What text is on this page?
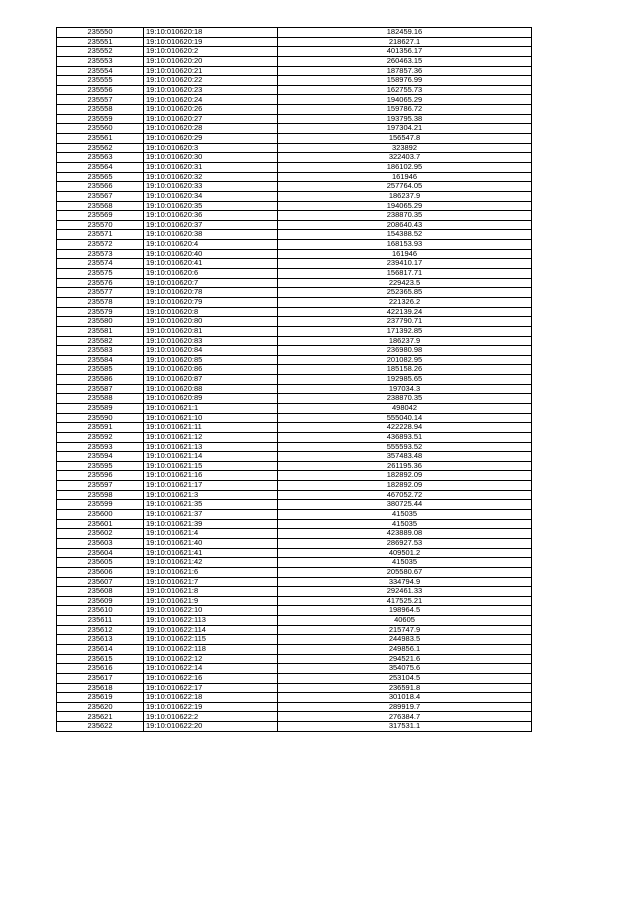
235550	19:10:010620:18	182459.16
235551	19:10:010620:19	218627.1
235552	19:10:010620:2	401356.17
235553	19:10:010620:20	260463.15
235554	19:10:010620:21	187857.36
235555	19:10:010620:22	158976.99
235556	19:10:010620:23	162755.73
235557	19:10:010620:24	194065.29
235558	19:10:010620:26	159786.72
235559	19:10:010620:27	193795.38
235560	19:10:010620:28	197304.21
235561	19:10:010620:29	156547.8
235562	19:10:010620:3	323892
235563	19:10:010620:30	322403.7
235564	19:10:010620:31	186102.95
235565	19:10:010620:32	161946
235566	19:10:010620:33	257764.05
235567	19:10:010620:34	186237.9
235568	19:10:010620:35	194065.29
235569	19:10:010620:36	238870.35
235570	19:10:010620:37	208640.43
235571	19:10:010620:38	154388.52
235572	19:10:010620:4	168153.93
235573	19:10:010620:40	161946
235574	19:10:010620:41	239410.17
235575	19:10:010620:6	156817.71
235576	19:10:010620:7	229423.5
235577	19:10:010620:78	252365.85
235578	19:10:010620:79	221326.2
235579	19:10:010620:8	422139.24
235580	19:10:010620:80	237790.71
235581	19:10:010620:81	171392.85
235582	19:10:010620:83	186237.9
235583	19:10:010620:84	236980.98
235584	19:10:010620:85	201082.95
235585	19:10:010620:86	185158.26
235586	19:10:010620:87	192985.65
235587	19:10:010620:88	197034.3
235588	19:10:010620:89	238870.35
235589	19:10:010621:1	498042
235590	19:10:010621:10	555040.14
235591	19:10:010621:11	422228.94
235592	19:10:010621:12	436893.51
235593	19:10:010621:13	555593.52
235594	19:10:010621:14	357483.48
235595	19:10:010621:15	261195.36
235596	19:10:010621:16	182892.09
235597	19:10:010621:17	182892.09
235598	19:10:010621:3	467052.72
235599	19:10:010621:35	380725.44
235600	19:10:010621:37	415035
235601	19:10:010621:39	415035
235602	19:10:010621:4	423889.08
235603	19:10:010621:40	286927.53
235604	19:10:010621:41	409501.2
235605	19:10:010621:42	415035
235606	19:10:010621:6	205580.67
235607	19:10:010621:7	334794.9
235608	19:10:010621:8	292461.33
235609	19:10:010621:9	417525.21
235610	19:10:010622:10	198964.5
235611	19:10:010622:113	40605
235612	19:10:010622:114	215747.9
235613	19:10:010622:115	244983.5
235614	19:10:010622:118	249856.1
235615	19:10:010622:12	294521.6
235616	19:10:010622:14	354075.6
235617	19:10:010622:16	253104.5
235618	19:10:010622:17	236591.8
235619	19:10:010622:18	301018.4
235620	19:10:010622:19	289919.7
235621	19:10:010622:2	276384.7
235622	19:10:010622:20	317531.1
